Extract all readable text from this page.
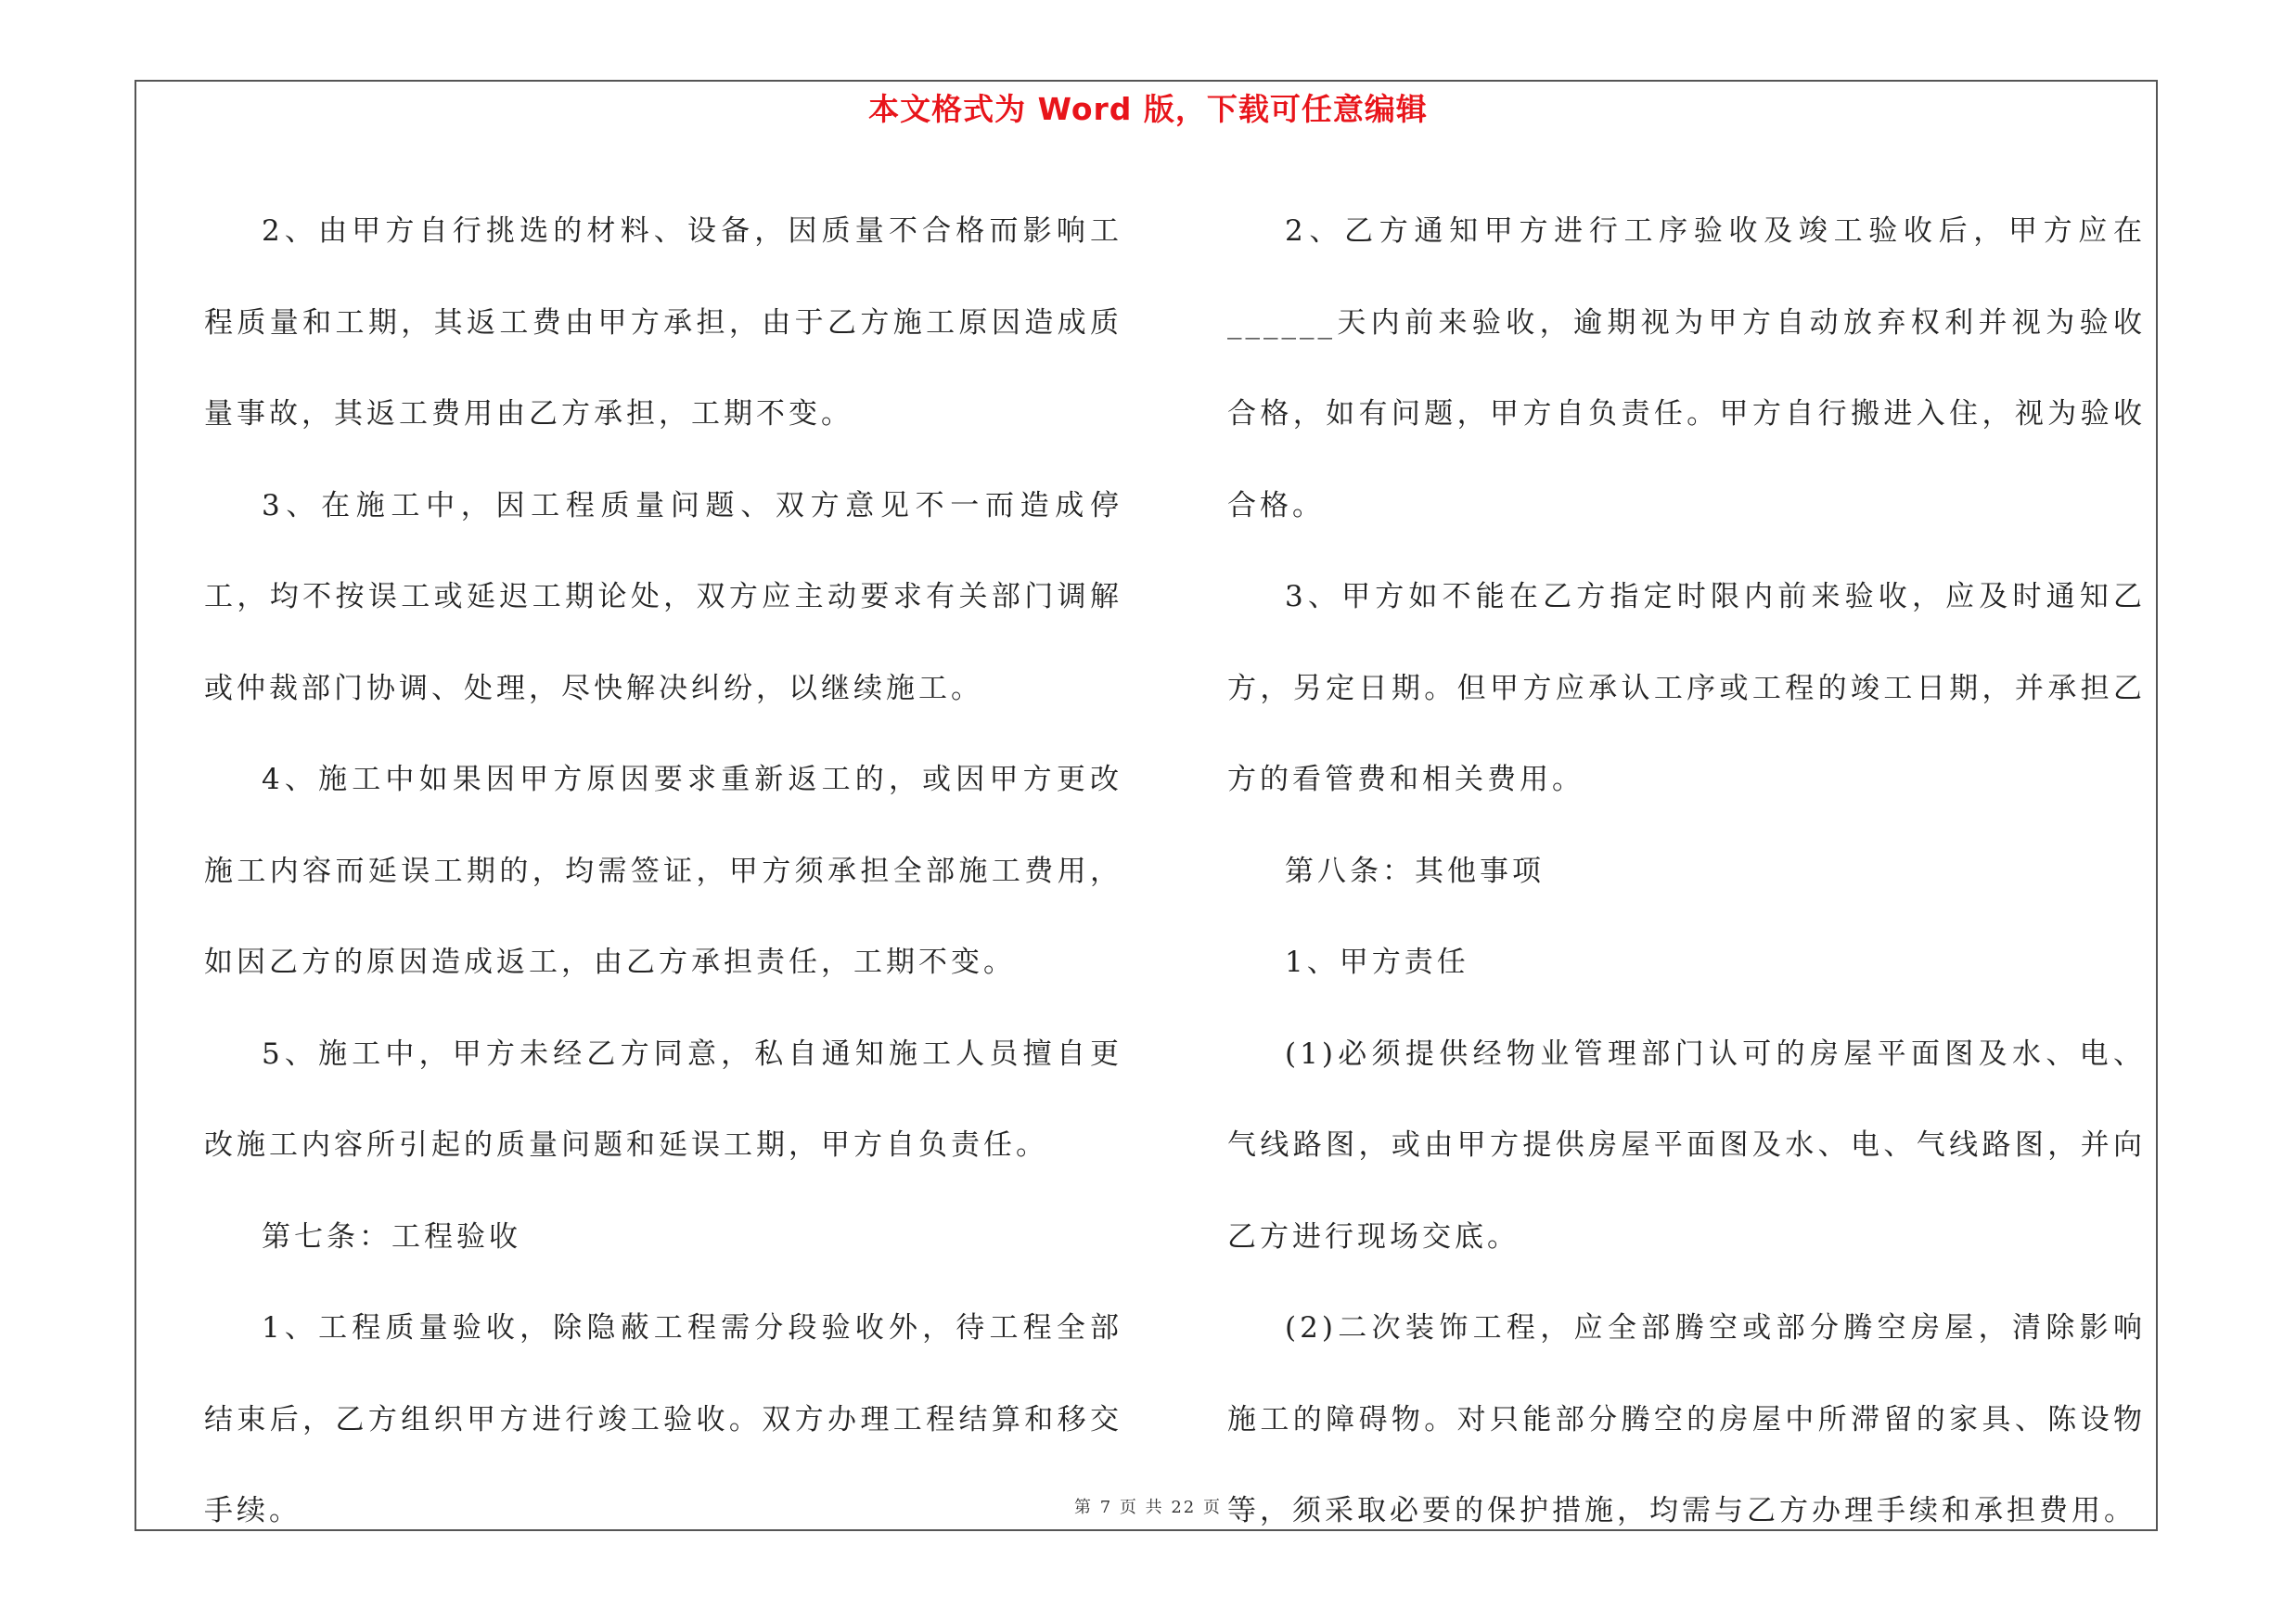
本文格式为 Word 版，下载可任意编辑

2、由甲方自行挑选的材料、设备，因质量不合格而影响工程质量和工期，其返工费由甲方承担，由于乙方施工原因造成质量事故，其返工费用由乙方承担，工期不变。

3、在施工中，因工程质量问题、双方意见不一而造成停工，均不按误工或延迟工期论处，双方应主动要求有关部门调解或仲裁部门协调、处理，尽快解决纠纷，以继续施工。

4、施工中如果因甲方原因要求重新返工的，或因甲方更改施工内容而延误工期的，均需签证，甲方须承担全部施工费用，如因乙方的原因造成返工，由乙方承担责任，工期不变。

5、施工中，甲方未经乙方同意，私自通知施工人员擅自更改施工内容所引起的质量问题和延误工期，甲方自负责任。

第七条：工程验收

1、工程质量验收，除隐蔽工程需分段验收外，待工程全部结束后，乙方组织甲方进行竣工验收。双方办理工程结算和移交手续。

2、乙方通知甲方进行工序验收及竣工验收后，甲方应在______天内前来验收，逾期视为甲方自动放弃权利并视为验收合格，如有问题，甲方自负责任。甲方自行搬进入住，视为验收合格。

3、甲方如不能在乙方指定时限内前来验收，应及时通知乙方，另定日期。但甲方应承认工序或工程的竣工日期，并承担乙方的看管费和相关费用。

第八条：其他事项

1、甲方责任

(1)必须提供经物业管理部门认可的房屋平面图及水、电、气线路图，或由甲方提供房屋平面图及水、电、气线路图，并向乙方进行现场交底。

(2)二次装饰工程，应全部腾空或部分腾空房屋，清除影响施工的障碍物。对只能部分腾空的房屋中所滞留的家具、陈设物等，须采取必要的保护措施，均需与乙方办理手续和承担费用。

第 7 页 共 22 页
